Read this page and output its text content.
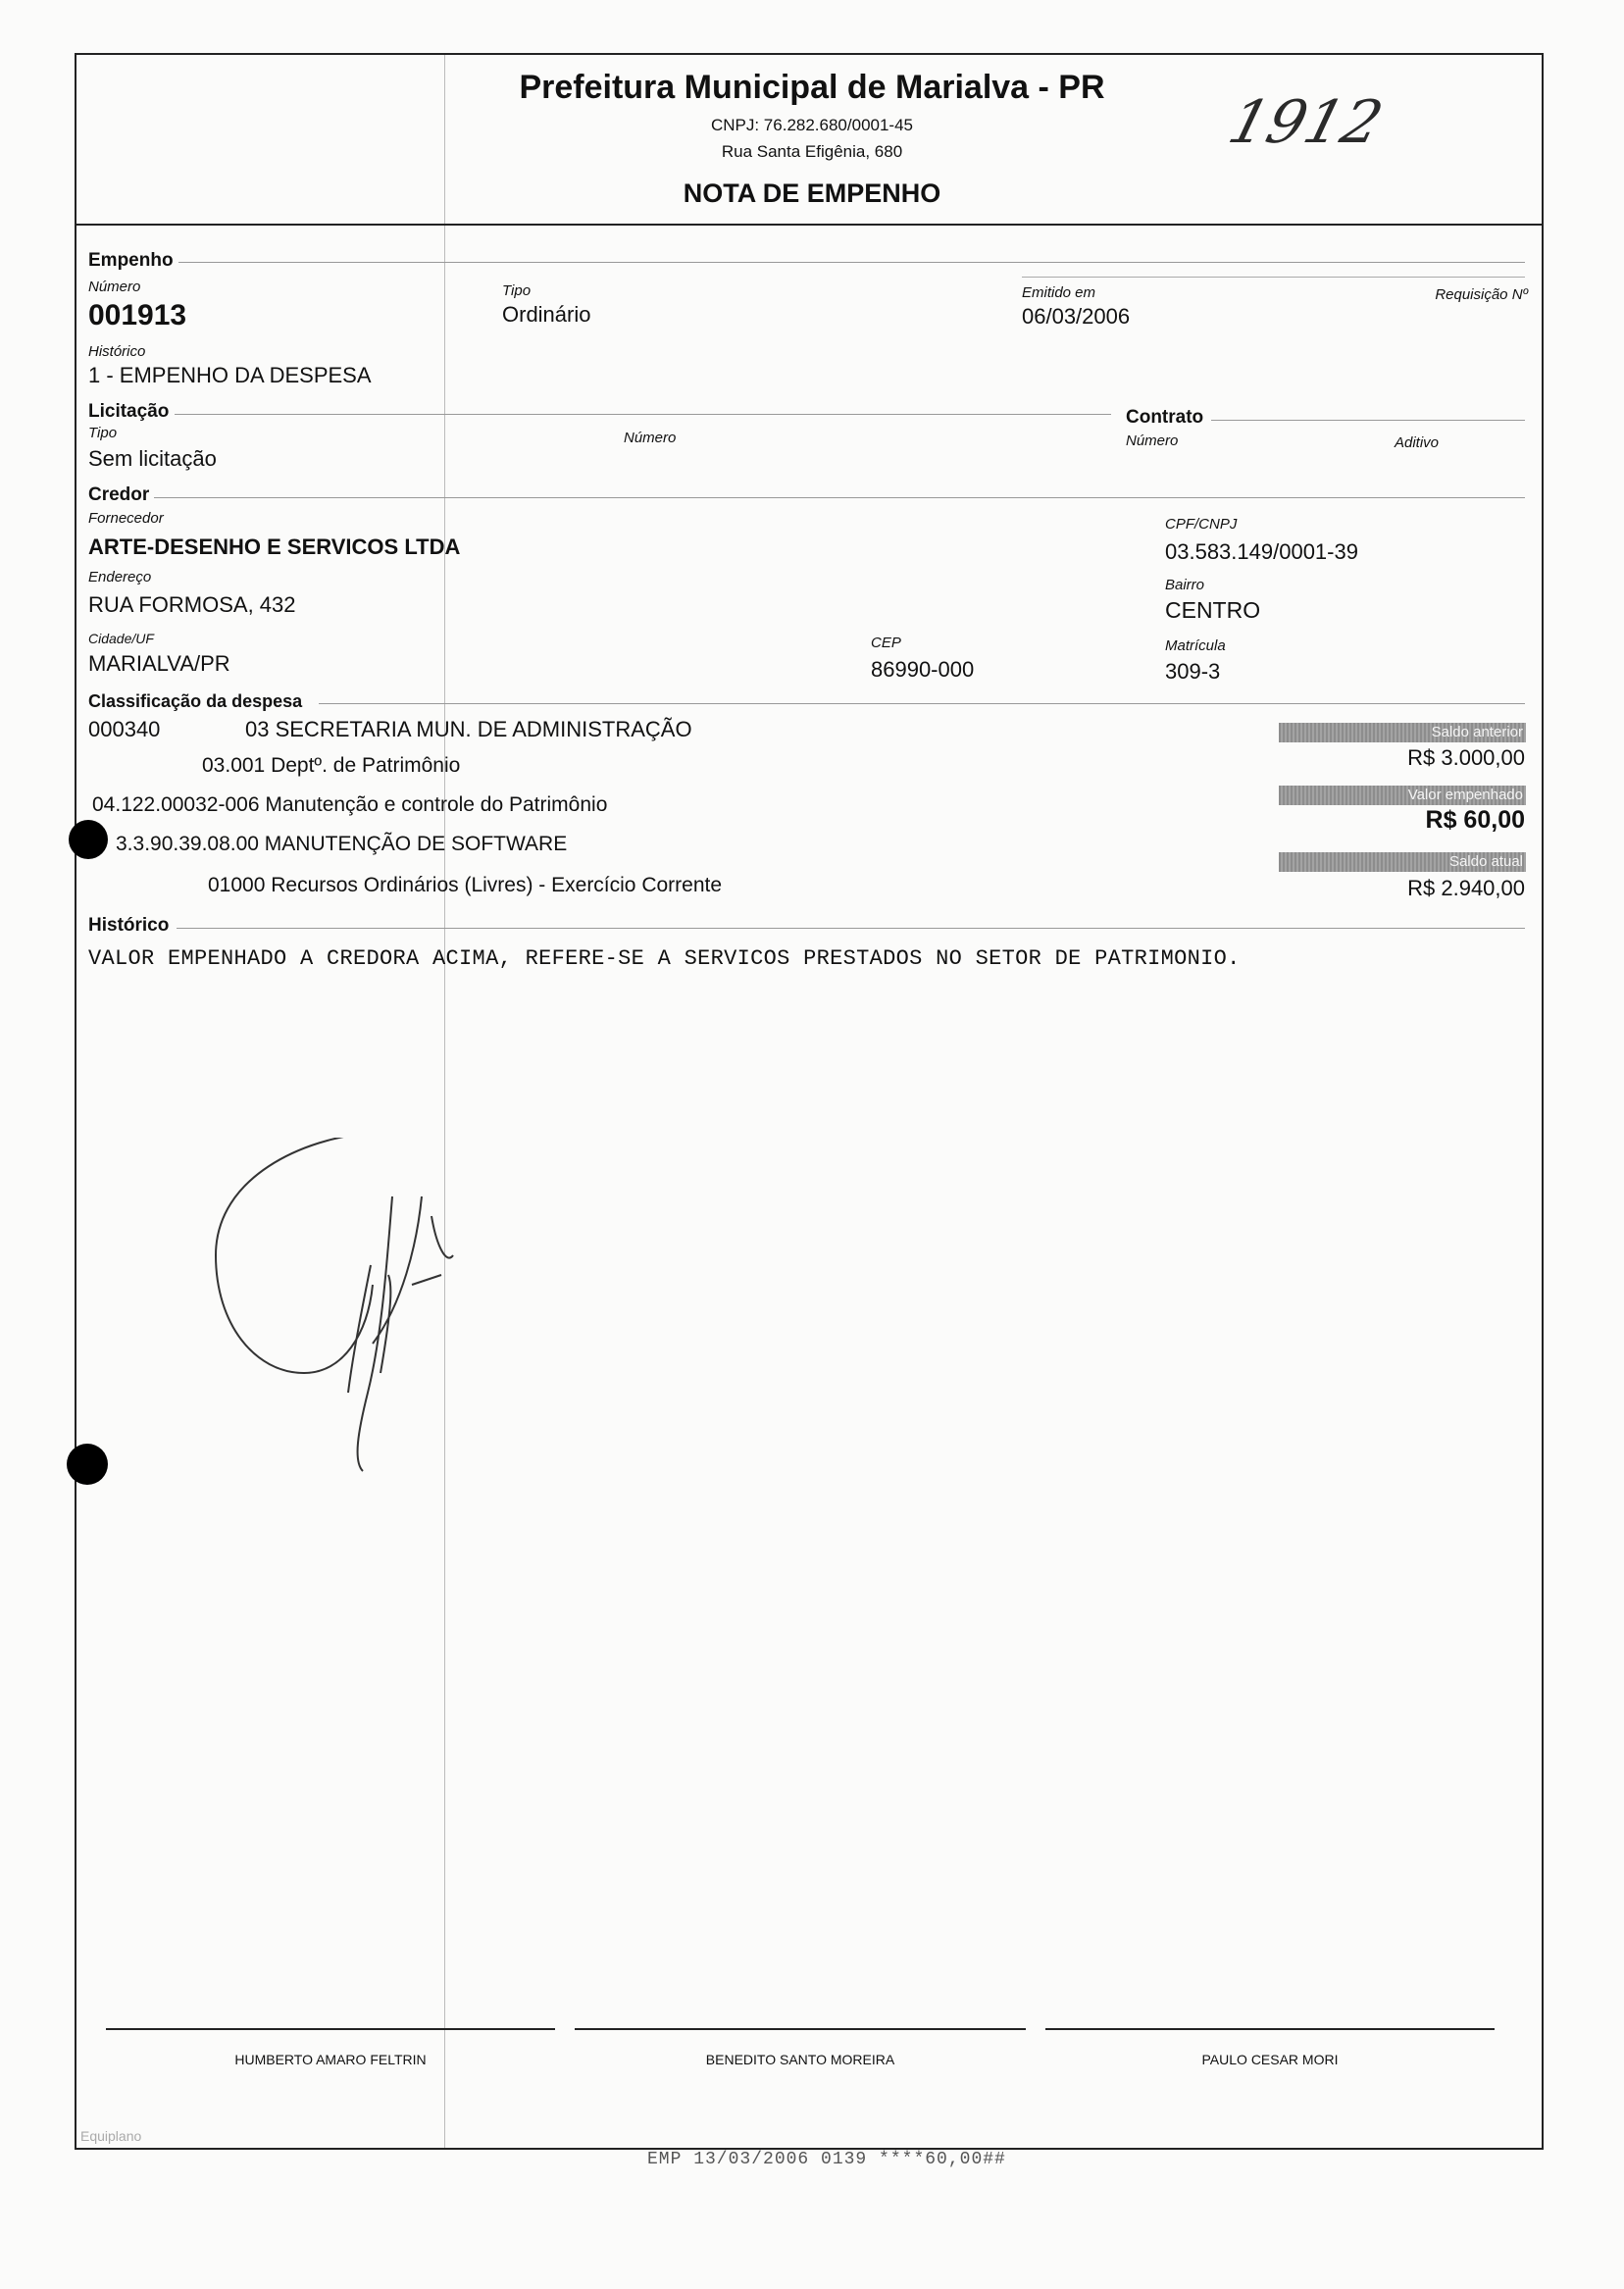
Prefeitura Municipal de Marialva - PR
CNPJ: 76.282.680/0001-45
Rua Santa Efigênia, 680
NOTA DE EMPENHO
1912
Empenho
Número
001913
Tipo
Ordinário
Emitido em
06/03/2006
Requisição Nº
Histórico
1 - EMPENHO DA DESPESA
Licitação
Tipo
Sem licitação
Número
Contrato
Número	Aditivo
Credor
Fornecedor
ARTE-DESENHO E SERVICOS LTDA
CPF/CNPJ
03.583.149/0001-39
Endereço
RUA FORMOSA, 432
Bairro
CENTRO
Cidade/UF
MARIALVA/PR
CEP
86990-000
Matrícula
309-3
Classificação da despesa
000340	03 SECRETARIA MUN. DE ADMINISTRAÇÃO
03.001 Deptº. de Patrimônio
04.122.00032-006 Manutenção e controle do Patrimônio
3.3.90.39.08.00 MANUTENÇÃO DE SOFTWARE
01000 Recursos Ordinários (Livres) - Exercício Corrente
Saldo anterior
R$ 3.000,00
Valor empenhado
R$ 60,00
Saldo atual
R$ 2.940,00
Histórico
VALOR EMPENHADO A CREDORA ACIMA, REFERE-SE A SERVICOS PRESTADOS NO SETOR DE PATRIMONIO.
HUMBERTO AMARO FELTRIN	BENEDITO SANTO MOREIRA	PAULO CESAR MORI
Equiplano
EMP 13/03/2006 0139 ****60,00##
